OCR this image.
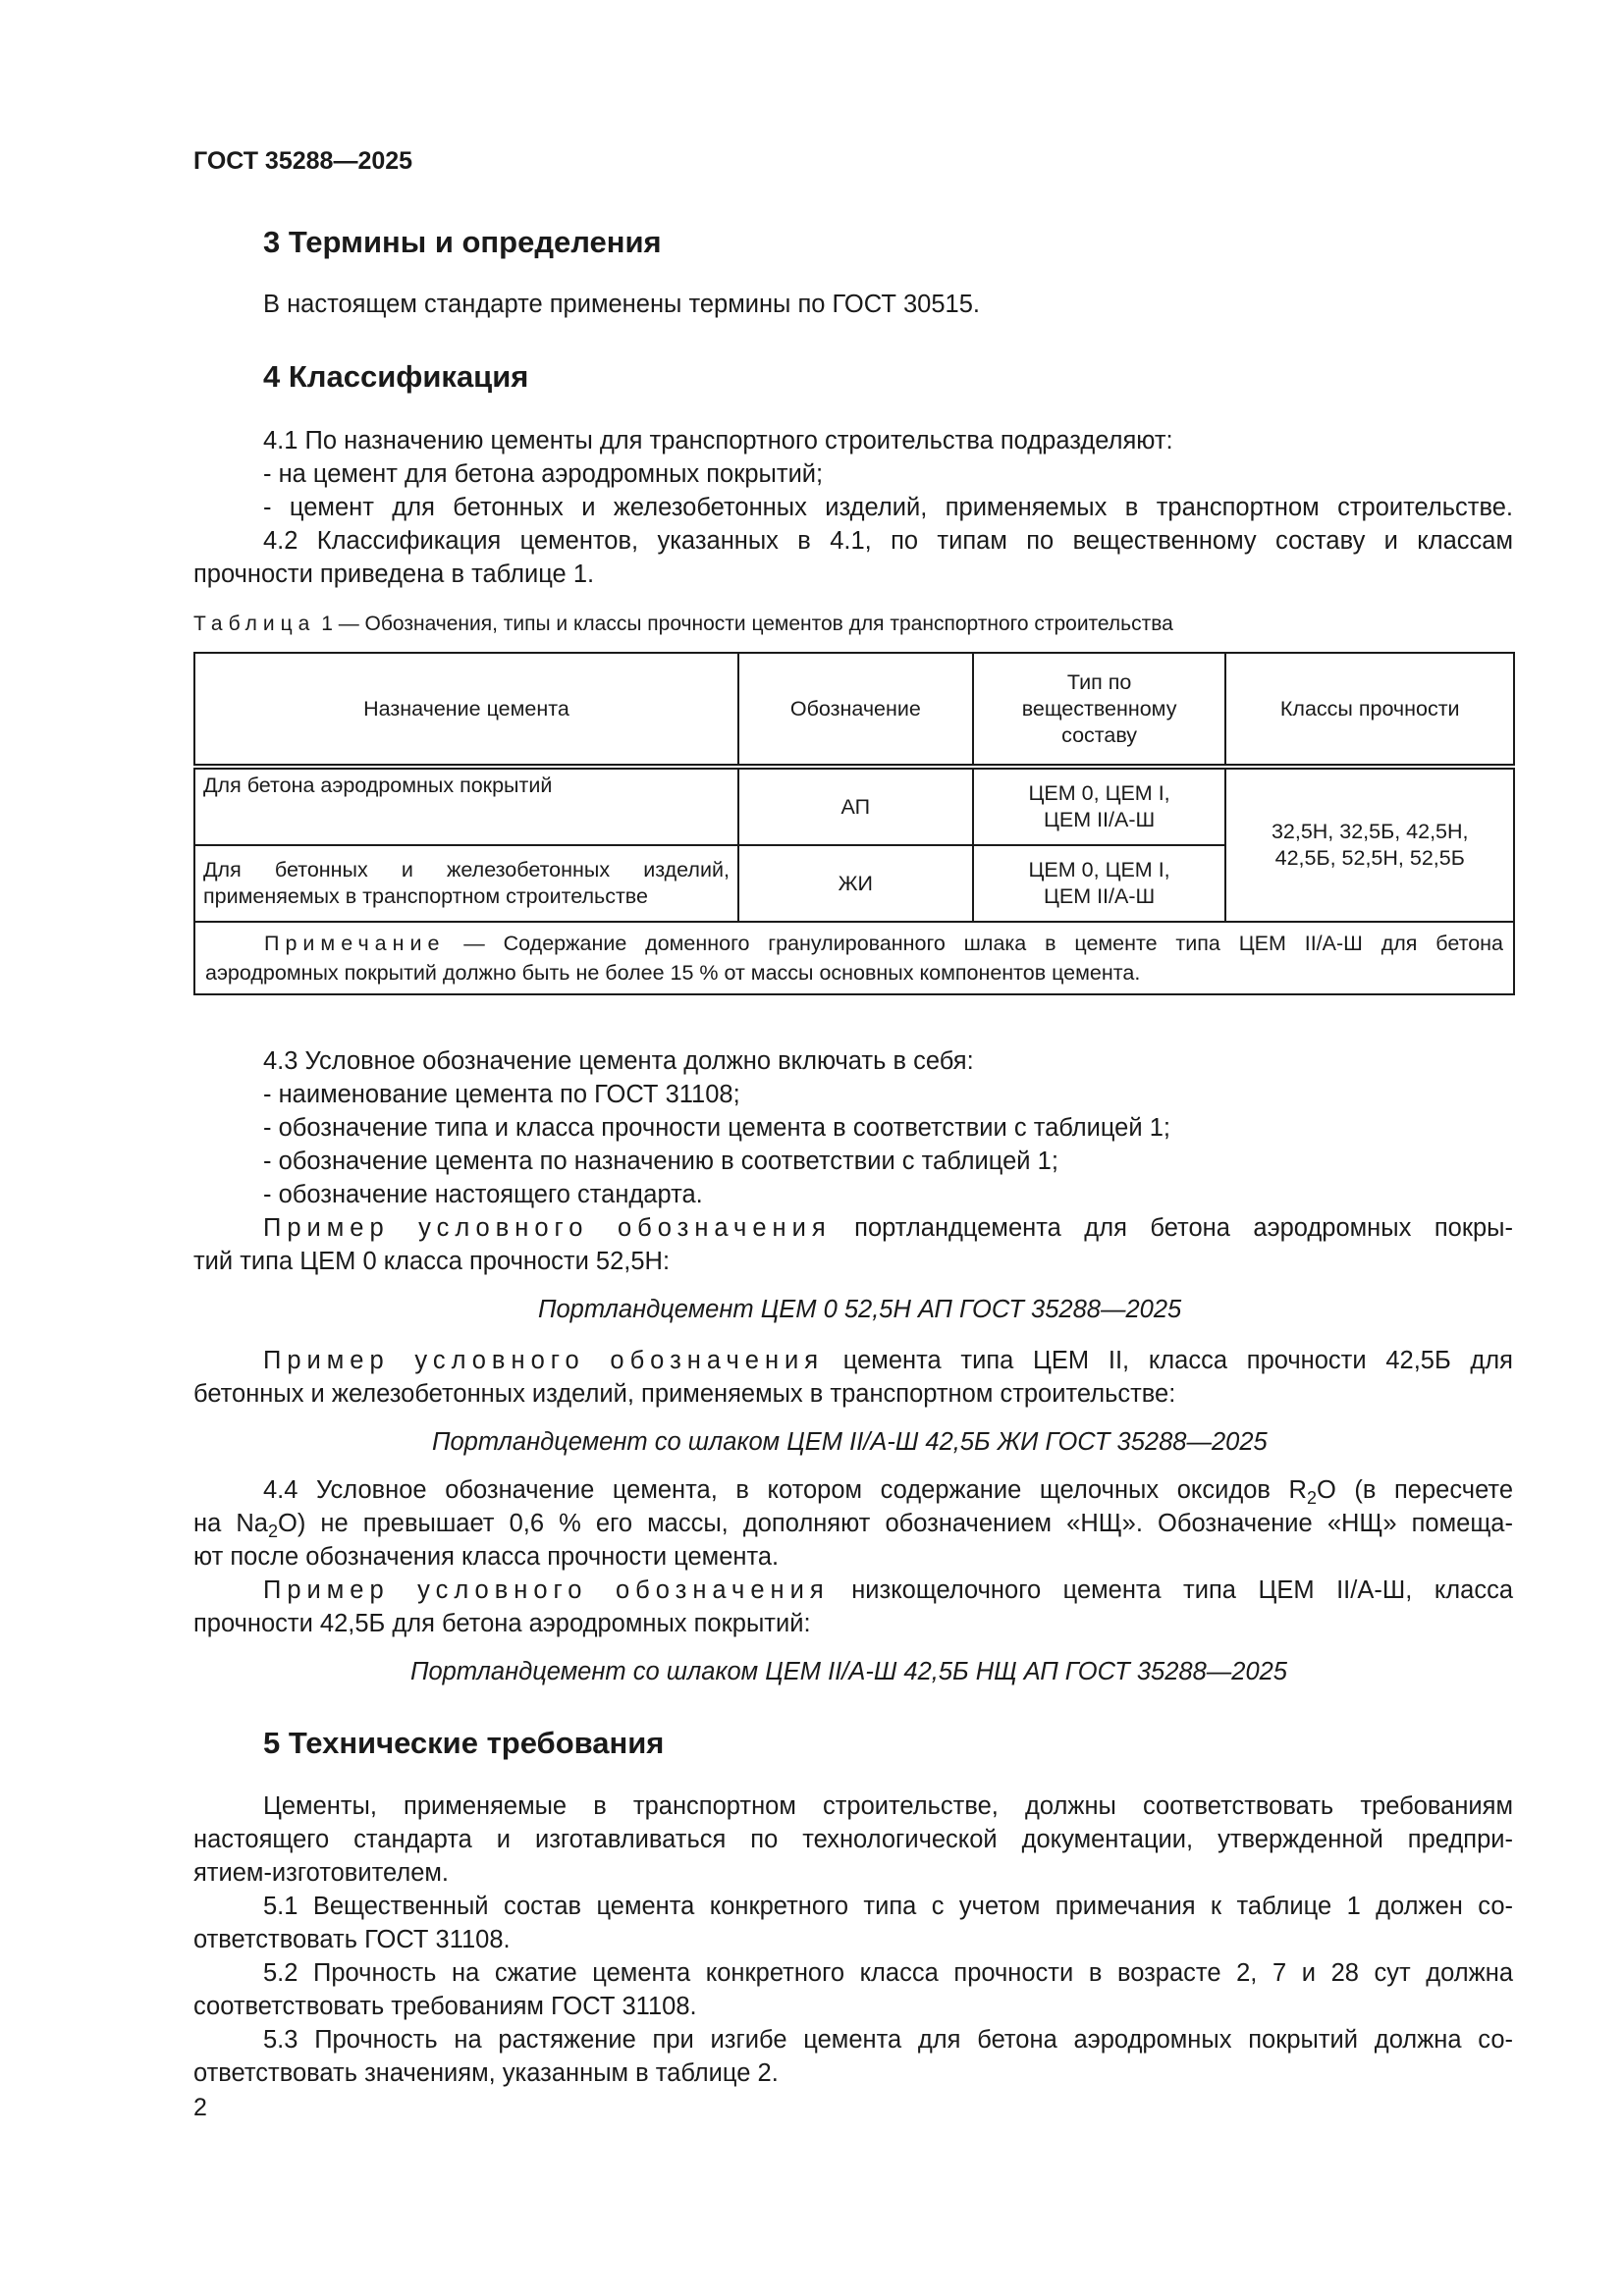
ГОСТ 35288—2025
3 Термины и определения
В настоящем стандарте применены термины по ГОСТ 30515.
4 Классификация
4.1 По назначению цементы для транспортного строительства подразделяют:
- на цемент для бетона аэродромных покрытий;
- цемент для бетонных и железобетонных изделий, применяемых в транспортном строительстве.
4.2 Классификация цементов, указанных в 4.1, по типам по вещественному составу и классам
прочности приведена в таблице 1.
Таблица 1 — Обозначения, типы и классы прочности цементов для транспортного строительства
Назначение цемента	Обозначение	Тип по
вещественному
составу	Классы прочности
Для бетона аэродромных покрытий	АП	ЦЕМ 0, ЦЕМ I,
ЦЕМ II/А-Ш	32,5Н, 32,5Б, 42,5Н,
42,5Б, 52,5Н, 52,5Б

Для бетонных и железобетонных изделий,
применяемых в транспортном строительстве	ЖИ	ЦЕМ 0, ЦЕМ I,
ЦЕМ II/А-Ш	

Примечание — Содержание доменного гранулированного шлака в цементе типа ЦЕМ II/А-Ш для бетона
аэродромных покрытий должно быть не более 15 % от массы основных компонентов цемента.			
4.3 Условное обозначение цемента должно включать в себя:
- наименование цемента по ГОСТ 31108;
- обозначение типа и класса прочности цемента в соответствии с таблицей 1;
- обозначение цемента по назначению в соответствии с таблицей 1;
- обозначение настоящего стандарта.
Пример условного обозначения портландцемента для бетона аэродромных покры-
тий типа ЦЕМ 0 класса прочности 52,5Н:
Портландцемент ЦЕМ 0 52,5Н АП ГОСТ 35288—2025
Пример условного обозначения цемента типа ЦЕМ II, класса прочности 42,5Б для
бетонных и железобетонных изделий, применяемых в транспортном строительстве:
Портландцемент со шлаком ЦЕМ II/А-Ш 42,5Б ЖИ ГОСТ 35288—2025
4.4 Условное обозначение цемента, в котором содержание щелочных оксидов $R_2O$ (в пересчете
на $Na_2O$) не превышает 0,6 % его массы, дополняют обозначением «НЩ». Обозначение «НЩ» помеща-
ют после обозначения класса прочности цемента.
Пример условного обозначения низкощелочного цемента типа ЦЕМ II/А-Ш, класса
прочности 42,5Б для бетона аэродромных покрытий:
Портландцемент со шлаком ЦЕМ II/А-Ш 42,5Б НЩ АП ГОСТ 35288—2025
5 Технические требования
Цементы, применяемые в транспортном строительстве, должны соответствовать требованиям
настоящего стандарта и изготавливаться по технологической документации, утвержденной предпри-
ятием-изготовителем.
5.1 Вещественный состав цемента конкретного типа с учетом примечания к таблице 1 должен со-
ответствовать ГОСТ 31108.
5.2 Прочность на сжатие цемента конкретного класса прочности в возрасте 2, 7 и 28 сут должна
соответствовать требованиям ГОСТ 31108.
5.3 Прочность на растяжение при изгибе цемента для бетона аэродромных покрытий должна со-
ответствовать значениям, указанным в таблице 2.
2
